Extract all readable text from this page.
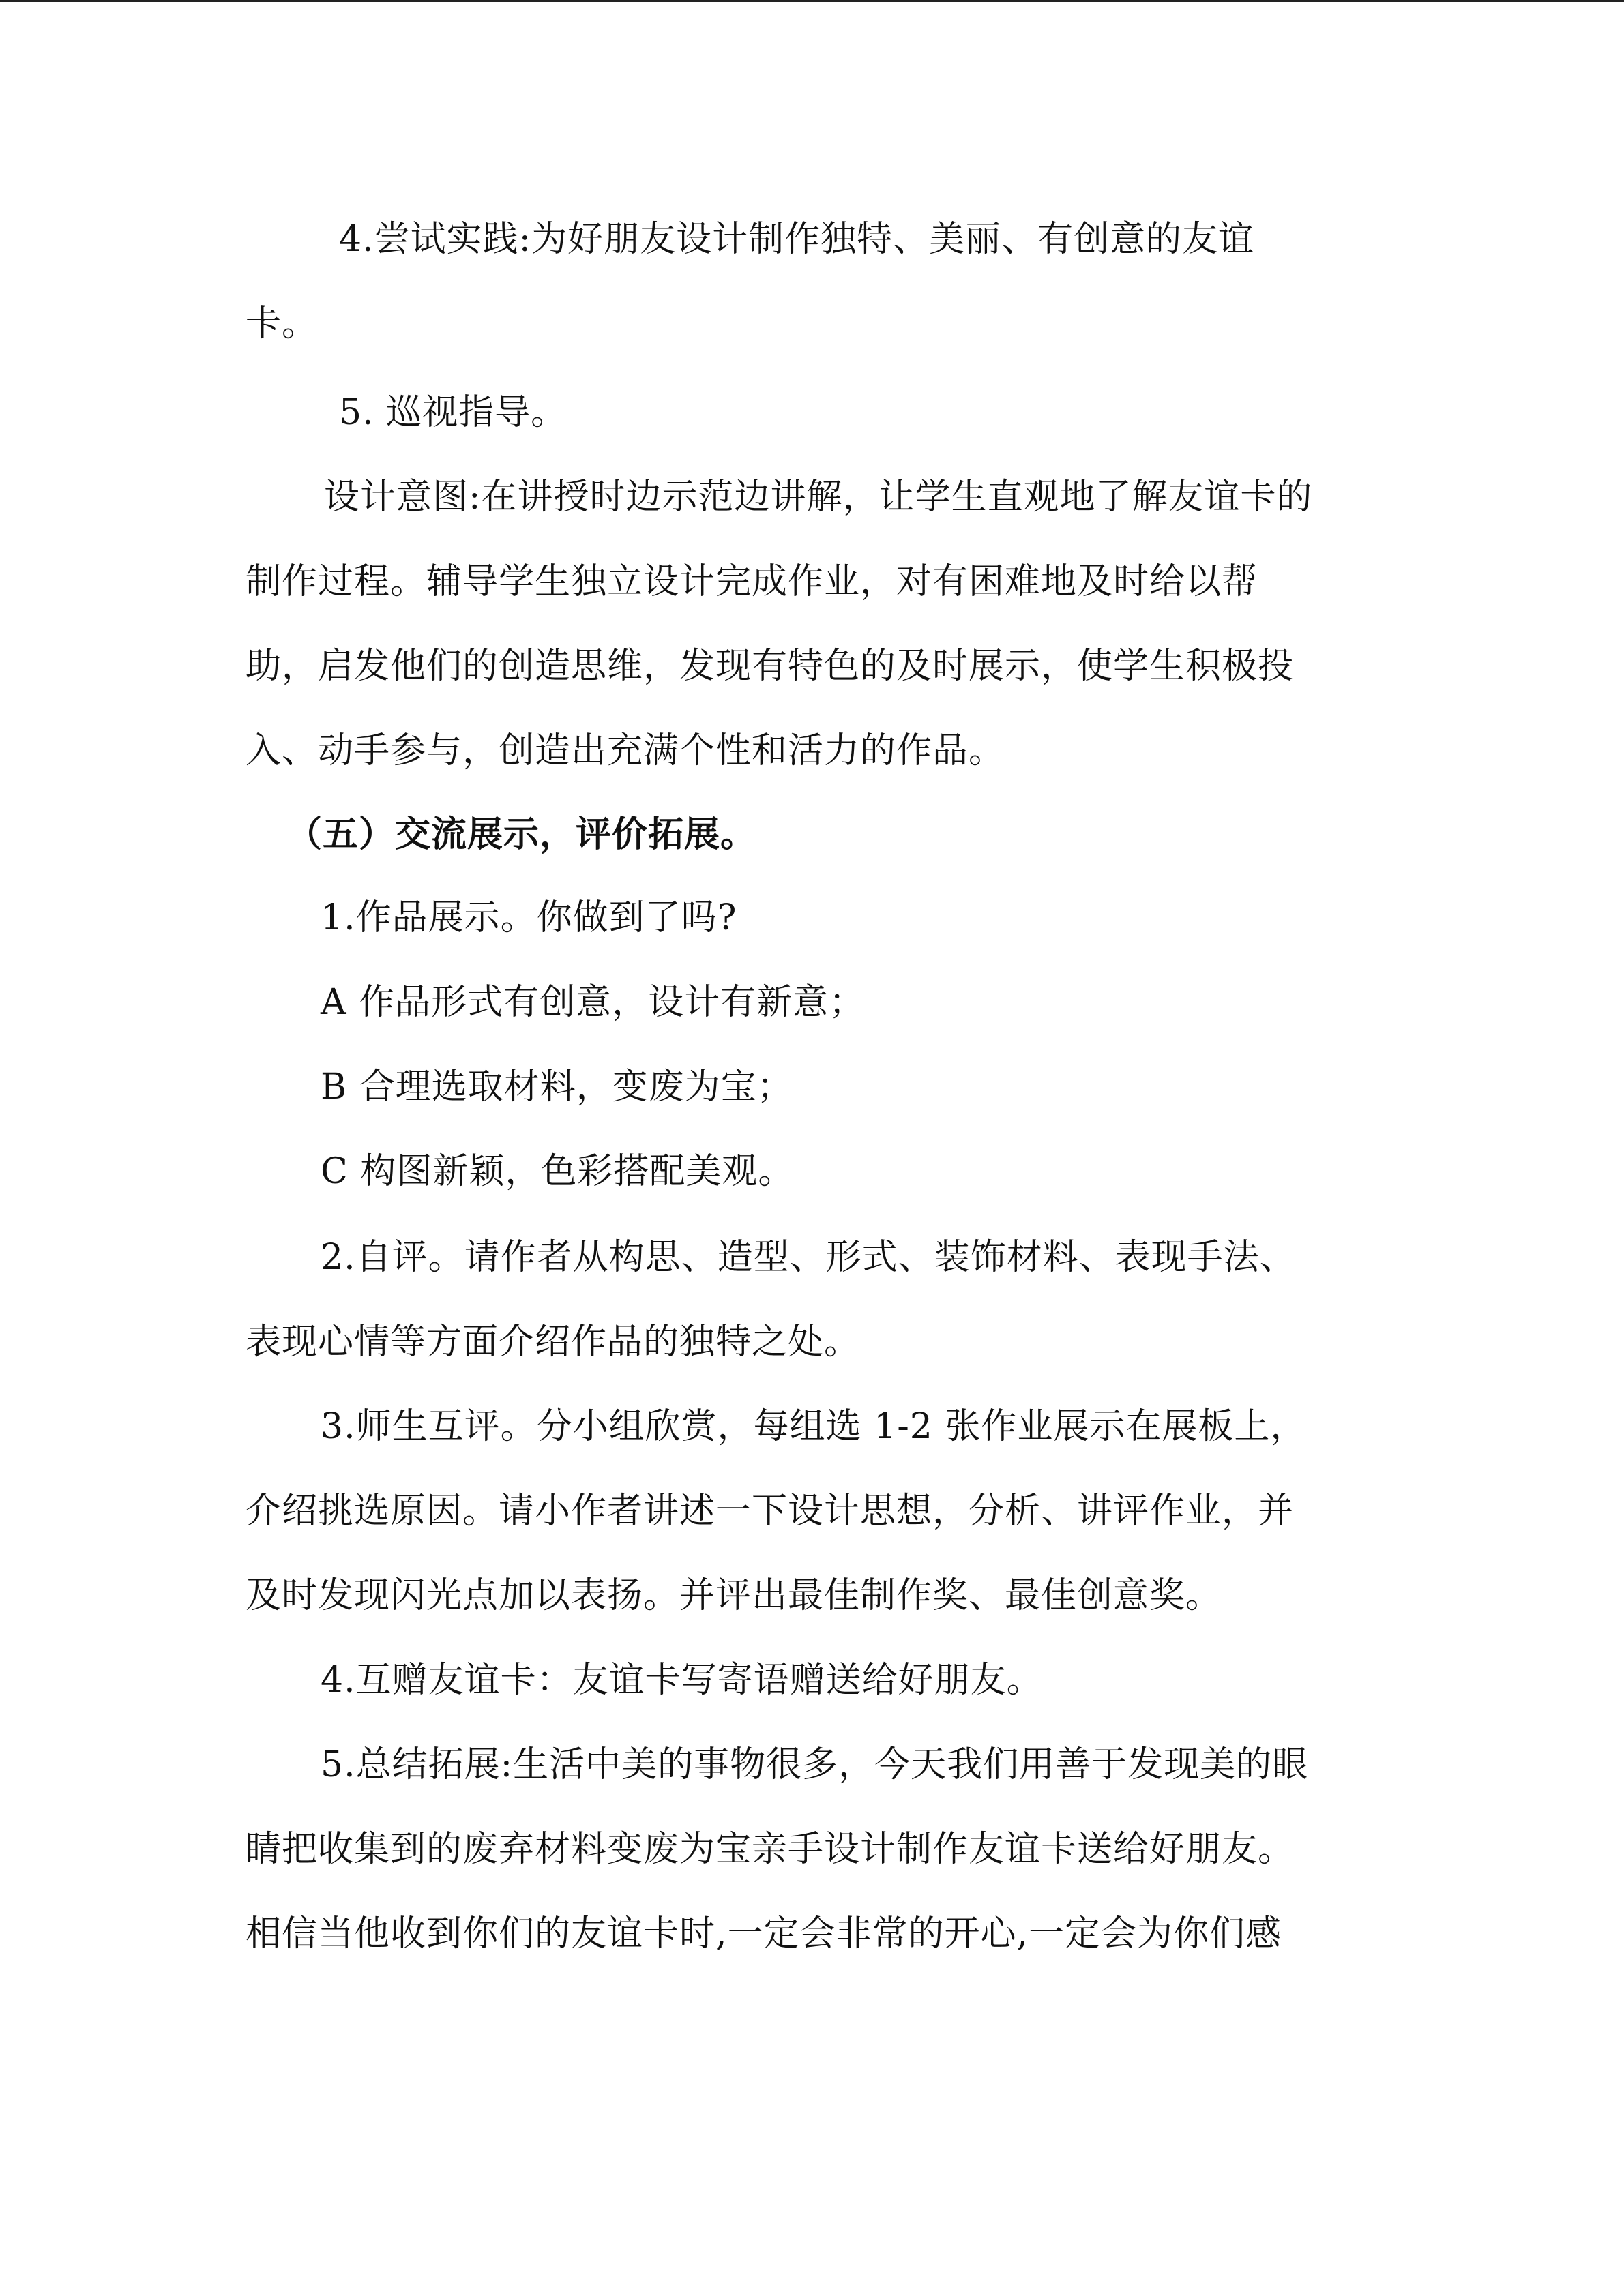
4.尝试实践:为好朋友设计制作独特、美丽、有创意的友谊
卡。
5. 巡视指导。
设计意图:在讲授时边示范边讲解，让学生直观地了解友谊卡的
制作过程。辅导学生独立设计完成作业，对有困难地及时给以帮
助，启发他们的创造思维，发现有特色的及时展示，使学生积极投
入、动手参与，创造出充满个性和活力的作品。
（五）交流展示，评价拓展。
1.作品展示。你做到了吗?
A 作品形式有创意，设计有新意；
B 合理选取材料，变废为宝；
C 构图新颖，色彩搭配美观。
2.自评。请作者从构思、造型、形式、装饰材料、表现手法、
表现心情等方面介绍作品的独特之处。
3.师生互评。分小组欣赏，每组选 1-2 张作业展示在展板上，
介绍挑选原因。请小作者讲述一下设计思想，分析、讲评作业，并
及时发现闪光点加以表扬。并评出最佳制作奖、最佳创意奖。
4.互赠友谊卡：友谊卡写寄语赠送给好朋友。
5.总结拓展:生活中美的事物很多，今天我们用善于发现美的眼
睛把收集到的废弃材料变废为宝亲手设计制作友谊卡送给好朋友。
相信当他收到你们的友谊卡时,一定会非常的开心,一定会为你们感
